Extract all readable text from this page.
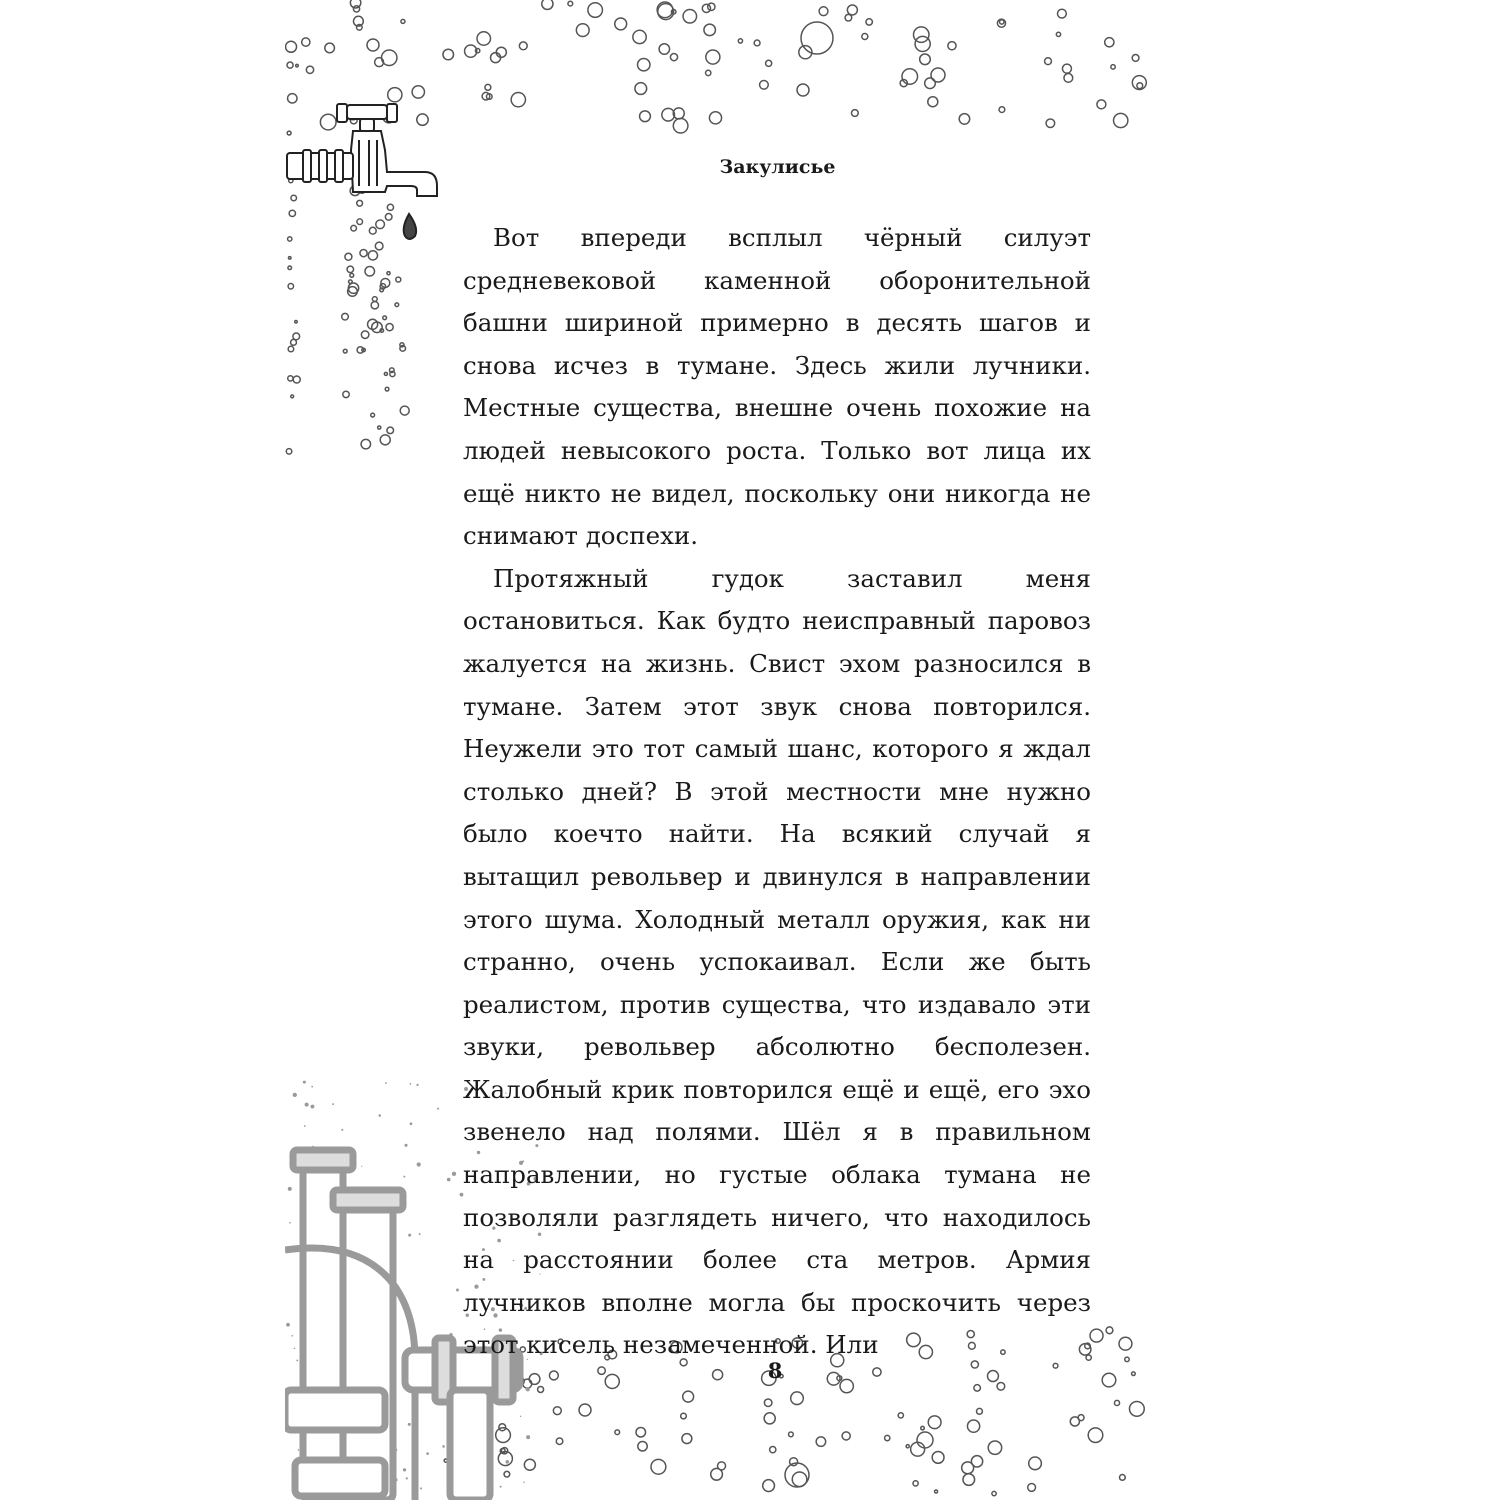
Закулисье

Вот впереди всплыл чёрный силуэт средневековой каменной оборонительной башни шириной примерно в десять шагов и снова исчез в тумане. Здесь жили лучники. Местные существа, внешне очень похожие на людей невысокого роста. Только вот лица их ещё никто не видел, поскольку они никогда не снимают доспехи.

Протяжный гудок заставил меня остановиться. Как будто неисправный паровоз жалуется на жизнь. Свист эхом разносился в тумане. Затем этот звук снова повторился. Неужели это тот самый шанс, которого я ждал столько дней? В этой местности мне нужно было коечто найти. На всякий случай я вытащил револьвер и двинулся в направлении этого шума. Холодный металл оружия, как ни странно, очень успокаивал. Если же быть реалистом, против существа, что издавало эти звуки, револьвер абсолютно бесполезен. Жалобный крик повторился ещё и ещё, его эхо звенело над полями. Шёл я в правильном направлении, но густые облака тумана не позволяли разглядеть ничего, что находилось на расстоянии более ста метров. Армия лучников вполне могла бы проскочить через этот кисель незамеченной. Или

8
